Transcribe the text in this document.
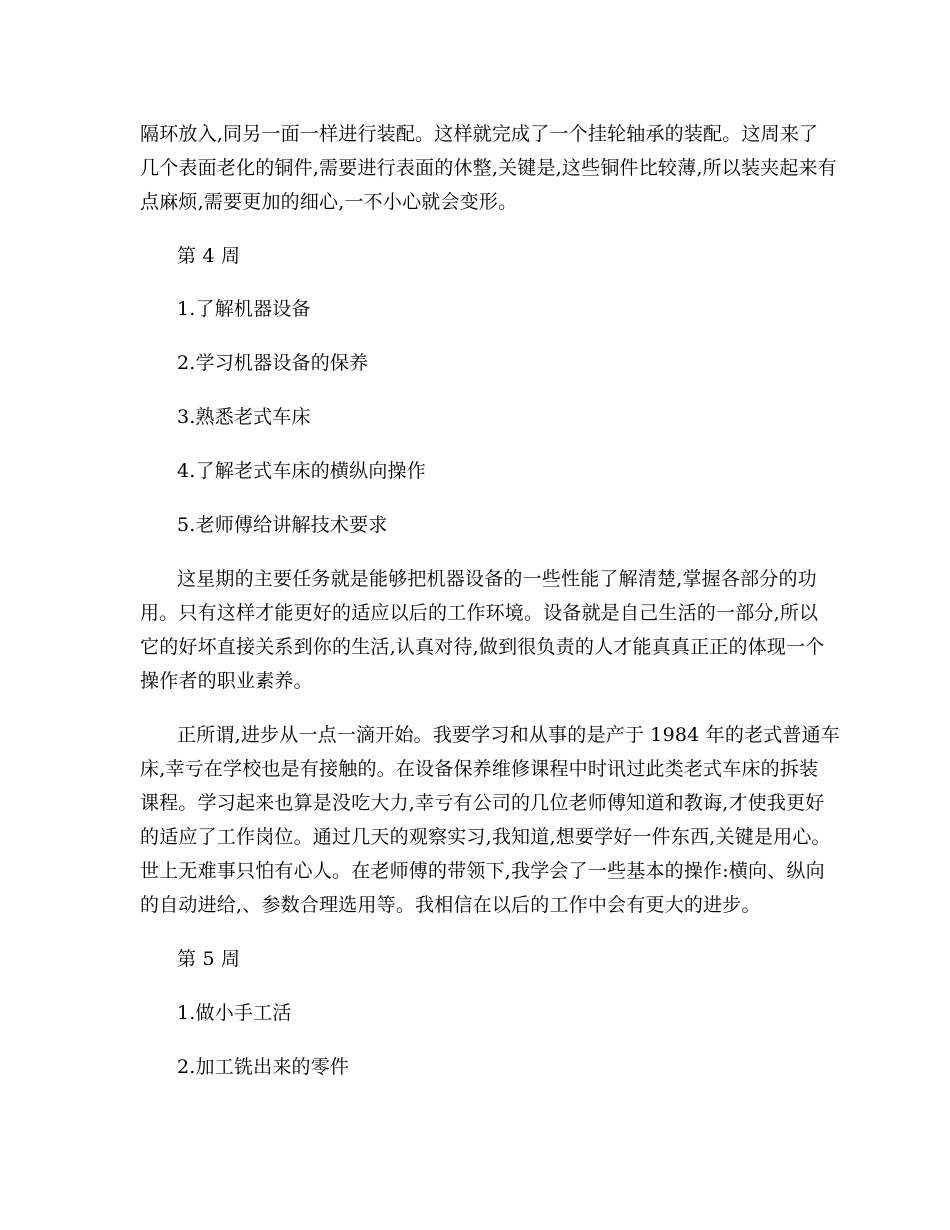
隔环放入,同另一面一样进行装配。这样就完成了一个挂轮轴承的装配。这周来了
几个表面老化的铜件,需要进行表面的休整,关键是,这些铜件比较薄,所以装夹起来有
点麻烦,需要更加的细心,一不小心就会变形。
第 4 周
1.了解机器设备
2.学习机器设备的保养
3.熟悉老式车床
4.了解老式车床的横纵向操作
5.老师傅给讲解技术要求
这星期的主要任务就是能够把机器设备的一些性能了解清楚,掌握各部分的功
用。只有这样才能更好的适应以后的工作环境。设备就是自己生活的一部分,所以
它的好坏直接关系到你的生活,认真对待,做到很负责的人才能真真正正的体现一个
操作者的职业素养。
正所谓,进步从一点一滴开始。我要学习和从事的是产于 1984 年的老式普通车
床,幸亏在学校也是有接触的。在设备保养维修课程中时讯过此类老式车床的拆装
课程。学习起来也算是没吃大力,幸亏有公司的几位老师傅知道和教诲,才使我更好
的适应了工作岗位。通过几天的观察实习,我知道,想要学好一件东西,关键是用心。
世上无难事只怕有心人。在老师傅的带领下,我学会了一些基本的操作:横向、纵向
的自动进给,、参数合理选用等。我相信在以后的工作中会有更大的进步。
第 5 周
1.做小手工活
2.加工铣出来的零件
